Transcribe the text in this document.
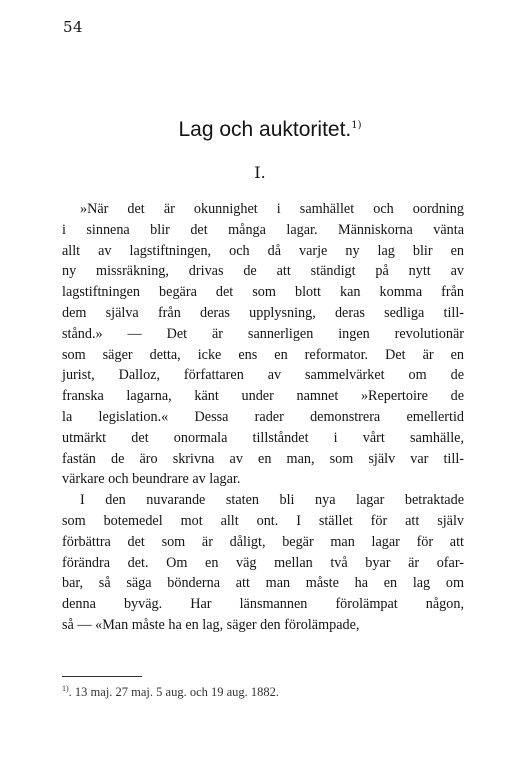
54
Lag och auktoritet.$^{1)}$
I.
»När det är okunnighet i samhället och oordning
i sinnena blir det många lagar. Människorna vänta
allt av lagstiftningen, och då varje ny lag blir en
ny missräkning, drivas de att ständigt på nytt av
lagstiftningen begära det som blott kan komma från
dem själva från deras upplysning, deras sedliga till-
stånd.» — Det är sannerligen ingen revolutionär
som säger detta, icke ens en reformator. Det är en
jurist, Dalloz, författaren av sammelvärket om de
franska lagarna, känt under namnet »Repertoire de
la legislation.« Dessa rader demonstrera emellertid
utmärkt det onormala tillståndet i vårt samhälle,
fastän de äro skrivna av en man, som själv var till-
värkare och beundrare av lagar.
I den nuvarande staten bli nya lagar betraktade
som botemedel mot allt ont. I stället för att själv
förbättra det som är dåligt, begär man lagar för att
förändra det. Om en väg mellan två byar är ofar-
bar, så säga bönderna att man måste ha en lag om
denna byväg. Har länsmannen förolämpat någon,
så — «Man måste ha en lag, säger den förolämpade,
$^{1)}$. 13 maj. 27 maj. 5 aug. och 19 aug. 1882.
